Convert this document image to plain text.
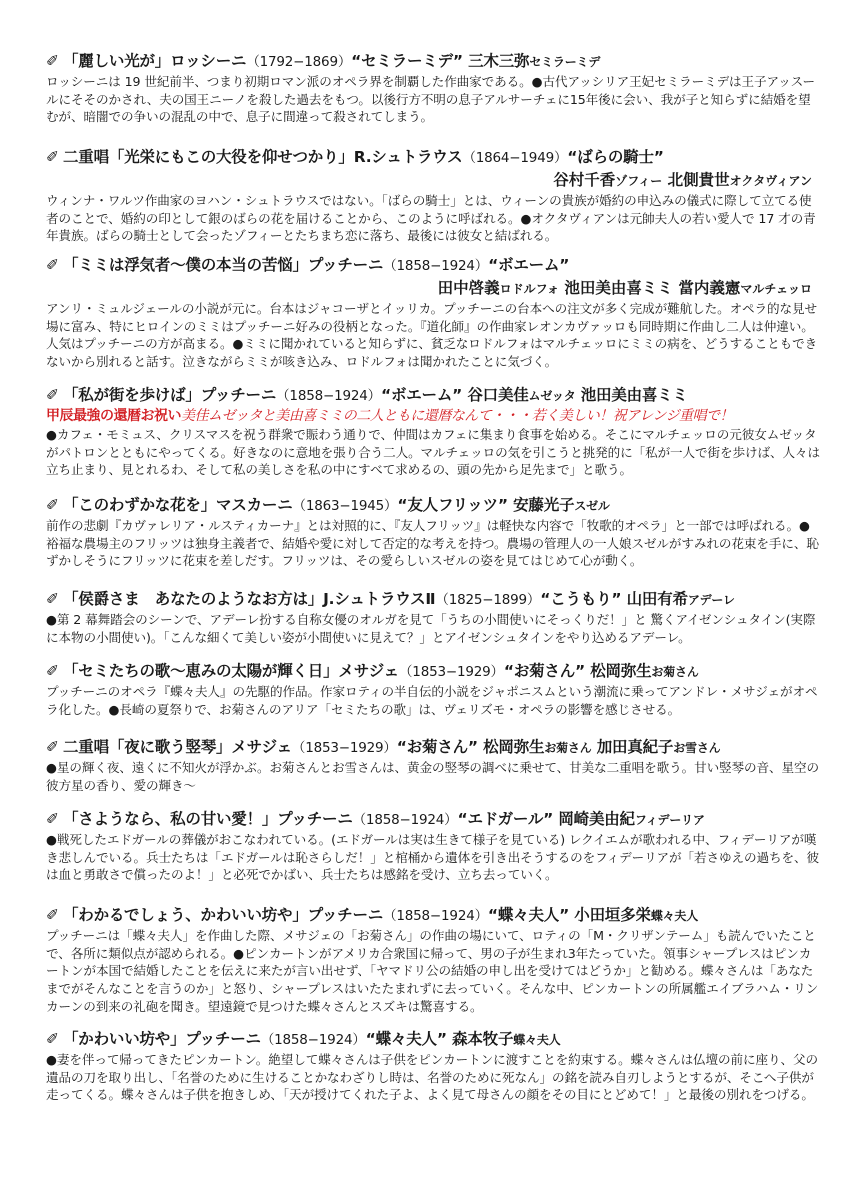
✐ 「麗しい光が」ロッシーニ（1792−1869）“セミラーミデ” 三木三弥セミラーミデ
ロッシーニは 19 世紀前半、つまり初期ロマン派のオペラ界を制覇した作曲家である。●古代アッシリア王妃セミラーミデは王子アッスールにそそのかされ、夫の国王ニーノを殺した過去をもつ。以後行方不明の息子アルサーチェに15年後に会い、我が子と知らずに結婚を望むが、暗闇での争いの混乱の中で、息子に間違って殺されてしまう。
✐ 二重唱「光栄にもこの大役を仰せつかり」R.シュトラウス（1864−1949）“ばらの騎士”
谷村千香ゾフィー 北側貴世オクタヴィアン
ウィンナ・ワルツ作曲家のヨハン・シュトラウスではない。「ばらの騎士」とは、ウィーンの貴族が婚約の申込みの儀式に際して立てる使者のことで、婚約の印として銀のばらの花を届けることから、このように呼ばれる。●オクタヴィアンは元帥夫人の若い愛人で 17 才の青年貴族。ばらの騎士として会ったゾフィーとたちまち恋に落ち、最後には彼女と結ばれる。
✐ 「ミミは浮気者〜僕の本当の苦悩」プッチーニ（1858−1924）“ボエーム”
田中啓義ロドルフォ 池田美由喜ミミ 當内義憲マルチェッロ
アンリ・ミュルジェールの小説が元に。台本はジャコーザとイッリカ。プッチーニの台本への注文が多く完成が難航した。オペラ的な見せ場に富み、特にヒロインのミミはプッチーニ好みの役柄となった。『道化師』の作曲家レオンカヴァッロも同時期に作曲し二人は仲違い。人気はプッチーニの方が高まる。●ミミに聞かれていると知らずに、貧乏なロドルフォはマルチェッロにミミの病を、どうすることもできないから別れると話す。泣きながらミミが咳き込み、ロドルフォは聞かれたことに気づく。
✐ 「私が街を歩けば」プッチーニ（1858−1924）“ボエーム” 谷口美佳ムゼッタ 池田美由喜ミミ
甲辰最強の還暦お祝い美佳ムゼッタと美由喜ミミの二人ともに還暦なんて・・・若く美しい！祝アレンジ重唱で！
●カフェ・モミュス、クリスマスを祝う群衆で賑わう通りで、仲間はカフェに集まり食事を始める。そこにマルチェッロの元彼女ムゼッタがパトロンとともにやってくる。好きなのに意地を張り合う二人。マルチェッロの気を引こうと挑発的に「私が一人で街を歩けば、人々は立ち止まり、見とれるわ、そして私の美しさを私の中にすべて求めるの、頭の先から足先まで」と歌う。
✐ 「このわずかな花を」マスカーニ（1863−1945）“友人フリッツ” 安藤光子スゼル
前作の悲劇『カヴァレリア・ルスティカーナ』とは対照的に、『友人フリッツ』は軽快な内容で「牧歌的オペラ」と一部では呼ばれる。●裕福な農場主のフリッツは独身主義者で、結婚や愛に対して否定的な考えを持つ。農場の管理人の一人娘スゼルがすみれの花束を手に、恥ずかしそうにフリッツに花束を差しだす。フリッツは、その愛らしいスゼルの姿を見てはじめて心が動く。
✐ 「侯爵さま　あなたのようなお方は」J.シュトラウスⅡ（1825−1899）“こうもり” 山田有希アデーレ
●第 2 幕舞踏会のシーンで、アデーレ扮する自称女優のオルガを見て「うちの小間使いにそっくりだ！」と 驚くアイゼンシュタイン(実際に本物の小間使い)。「こんな細くて美しい姿が小間使いに見えて？」とアイゼンシュタインをやり込めるアデーレ。
✐ 「セミたちの歌〜恵みの太陽が輝く日」メサジェ（1853−1929）“お菊さん” 松岡弥生お菊さん
プッチーニのオペラ『蝶々夫人』の先駆的作品。作家ロティの半自伝的小説をジャポニスムという潮流に乗ってアンドレ・メサジェがオペラ化した。●長崎の夏祭りで、お菊さんのアリア「セミたちの歌」は、ヴェリズモ・オペラの影響を感じさせる。
✐ 二重唱「夜に歌う竪琴」メサジェ（1853−1929）“お菊さん” 松岡弥生お菊さん 加田真紀子お雪さん
●星の輝く夜、遠くに不知火が浮かぶ。お菊さんとお雪さんは、黄金の竪琴の調べに乗せて、甘美な二重唱を歌う。甘い竪琴の音、星空の彼方星の香り、愛の輝き〜
✐ 「さようなら、私の甘い愛！」プッチーニ（1858−1924）“エドガール” 岡崎美由紀フィデーリア
●戦死したエドガールの葬儀がおこなわれている。(エドガールは実は生きて様子を見ている) レクイエムが歌われる中、フィデーリアが嘆き悲しんでいる。兵士たちは「エドガールは恥さらしだ！」と棺桶から遺体を引き出そうするのをフィデーリアが「若さゆえの過ちを、彼は血と勇敢さで償ったのよ！」と必死でかばい、兵士たちは感銘を受け、立ち去っていく。
✐ 「わかるでしょう、かわいい坊や」プッチーニ（1858−1924）“蝶々夫人” 小田垣多栄蝶々夫人
プッチーニは「蝶々夫人」を作曲した際、メサジェの「お菊さん」の作曲の場にいて、ロティの「M・クリザンテーム」も読んでいたことで、各所に類似点が認められる。●ピンカートンがアメリカ合衆国に帰って、男の子が生まれ3年たっていた。領事シャープレスはピンカートンが本国で結婚したことを伝えに来たが言い出せず、「ヤマドリ公の結婚の申し出を受けてはどうか」と勧める。蝶々さんは「あなたまでがそんなことを言うのか」と怒り、シャープレスはいたたまれずに去っていく。そんな中、ピンカートンの所属艦エイブラハム・リンカーンの到来の礼砲を聞き。望遠鏡で見つけた蝶々さんとスズキは驚喜する。
✐ 「かわいい坊や」プッチーニ（1858−1924）“蝶々夫人” 森本牧子蝶々夫人
●妻を伴って帰ってきたピンカートン。絶望して蝶々さんは子供をピンカートンに渡すことを約束する。蝶々さんは仏壇の前に座り、父の遺品の刀を取り出し、「名誉のために生けることかなわざりし時は、名誉のために死なん」の銘を読み自刃しようとするが、そこへ子供が走ってくる。蝶々さんは子供を抱きしめ、「天が授けてくれた子よ、よく見て母さんの顔をその目にとどめて！」と最後の別れをつげる。
